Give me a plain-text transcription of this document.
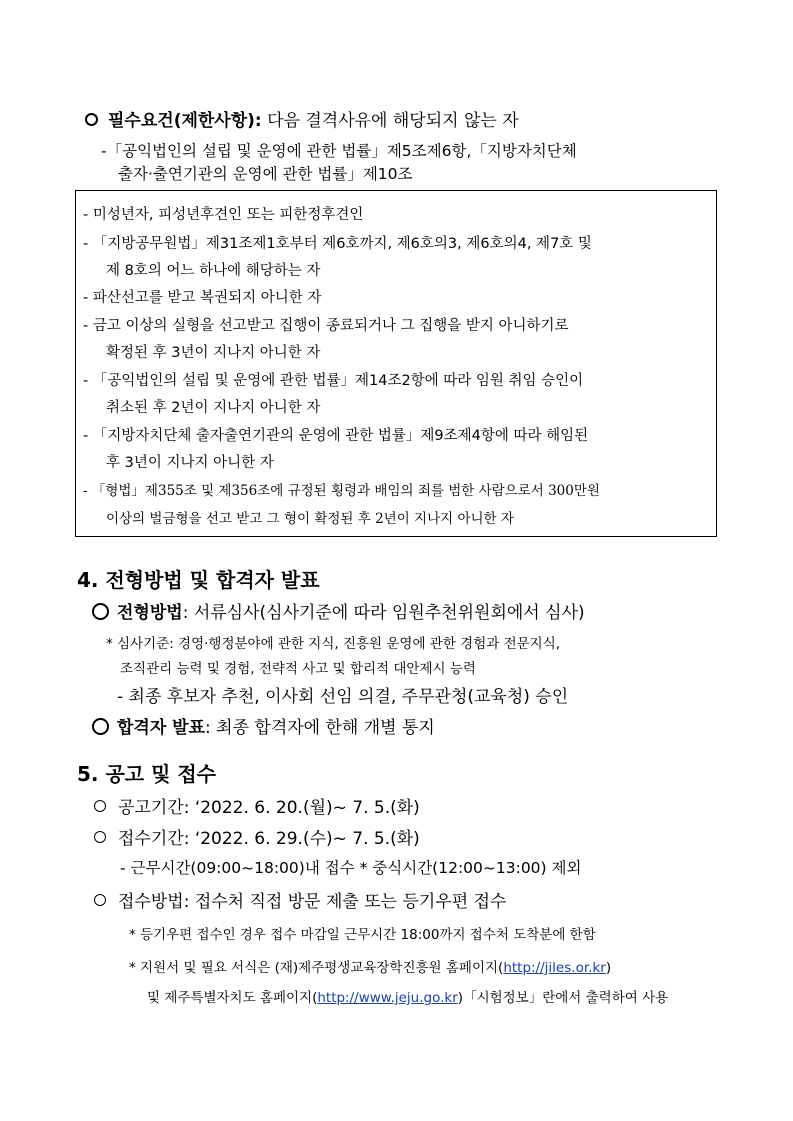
필수요건(제한사항): 다음 결격사유에 해당되지 않는 자
-「공익법인의 설립 및 운영에 관한 법률」제5조제6항,「지방자치단체
출자·출연기관의 운영에 관한 법률」제10조
- 미성년자, 피성년후견인 또는 피한정후견인
- 「지방공무원법」제31조제1호부터 제6호까지, 제6호의3, 제6호의4, 제7호 및
제 8호의 어느 하나에 해당하는 자
- 파산선고를 받고 복권되지 아니한 자
- 금고 이상의 실형을 선고받고 집행이 종료되거나 그 집행을 받지 아니하기로
확정된 후 3년이 지나지 아니한 자
- 「공익법인의 설립 및 운영에 관한 법률」제14조2항에 따라 임원 취임 승인이
취소된 후 2년이 지나지 아니한 자
- 「지방자치단체 출자출연기관의 운영에 관한 법률」제9조제4항에 따라 해임된
후 3년이 지나지 아니한 자
- 「형법」제355조 및 제356조에 규정된 횡령과 배임의 죄를 범한 사람으로서 300만원
이상의 벌금형을 선고 받고 그 형이 확정된 후 2년이 지나지 아니한 자
4. 전형방법 및 합격자 발표
전형방법: 서류심사(심사기준에 따라 임원추천위원회에서 심사)
* 심사기준: 경영·행정분야에 관한 지식, 진흥원 운영에 관한 경험과 전문지식,
조직관리 능력 및 경험, 전략적 사고 및 합리적 대안제시 능력
- 최종 후보자 추천, 이사회 선임 의결, 주무관청(교육청) 승인
합격자 발표: 최종 합격자에 한해 개별 통지
5. 공고 및 접수
공고기간: ‘2022. 6. 20.(월)~ 7. 5.(화)
접수기간: ‘2022. 6. 29.(수)~ 7. 5.(화)
- 근무시간(09:00~18:00)내 접수 * 중식시간(12:00~13:00) 제외
접수방법: 접수처 직접 방문 제출 또는 등기우편 접수
* 등기우편 접수인 경우 접수 마감일 근무시간 18:00까지 접수처 도착분에 한함
* 지원서 및 필요 서식은 (재)제주평생교육장학진흥원 홈페이지(http://jiles.or.kr)
및 제주특별자치도 홈페이지(http://www.jeju.go.kr)「시험정보」란에서 출력하여 사용
